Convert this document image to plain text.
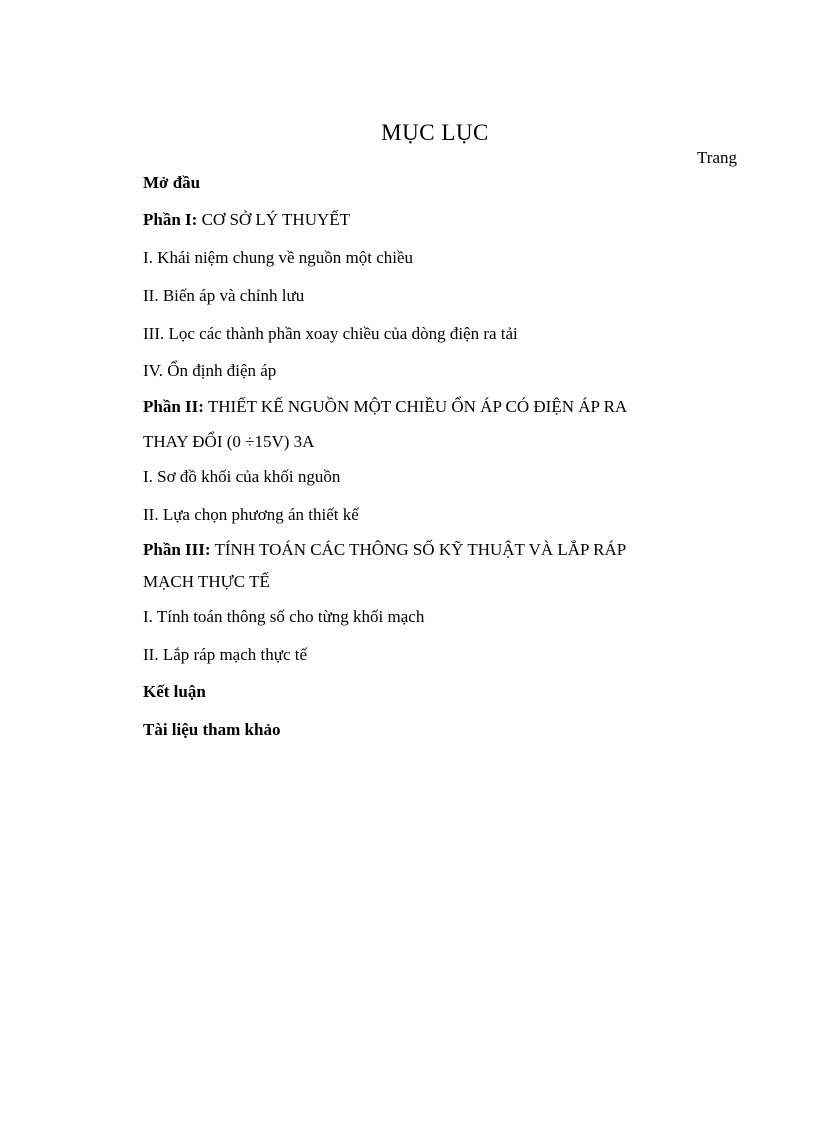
MỤC LỤC
Trang
Mở đầu
Phần I: CƠ SỞ LÝ THUYẾT
I. Khái niệm chung về nguồn một chiều
II. Biến áp và chỉnh lưu
III. Lọc các thành phần xoay chiều của dòng điện ra tải
IV. Ổn định điện áp
Phần II: THIẾT KẾ NGUỒN MỘT CHIỀU ỔN ÁP CÓ ĐIỆN ÁP RA
THAY ĐỔI (0 ÷15V) 3A
I. Sơ đồ khối của khối nguồn
II. Lựa chọn phương án thiết kế
Phần III: TÍNH TOÁN CÁC THÔNG SỐ KỸ THUẬT VÀ LẮP RÁP
MẠCH THỰC TẾ
I. Tính toán thông số cho từng khối mạch
II. Lắp ráp mạch thực tế
Kết luận
Tài liệu tham khảo
